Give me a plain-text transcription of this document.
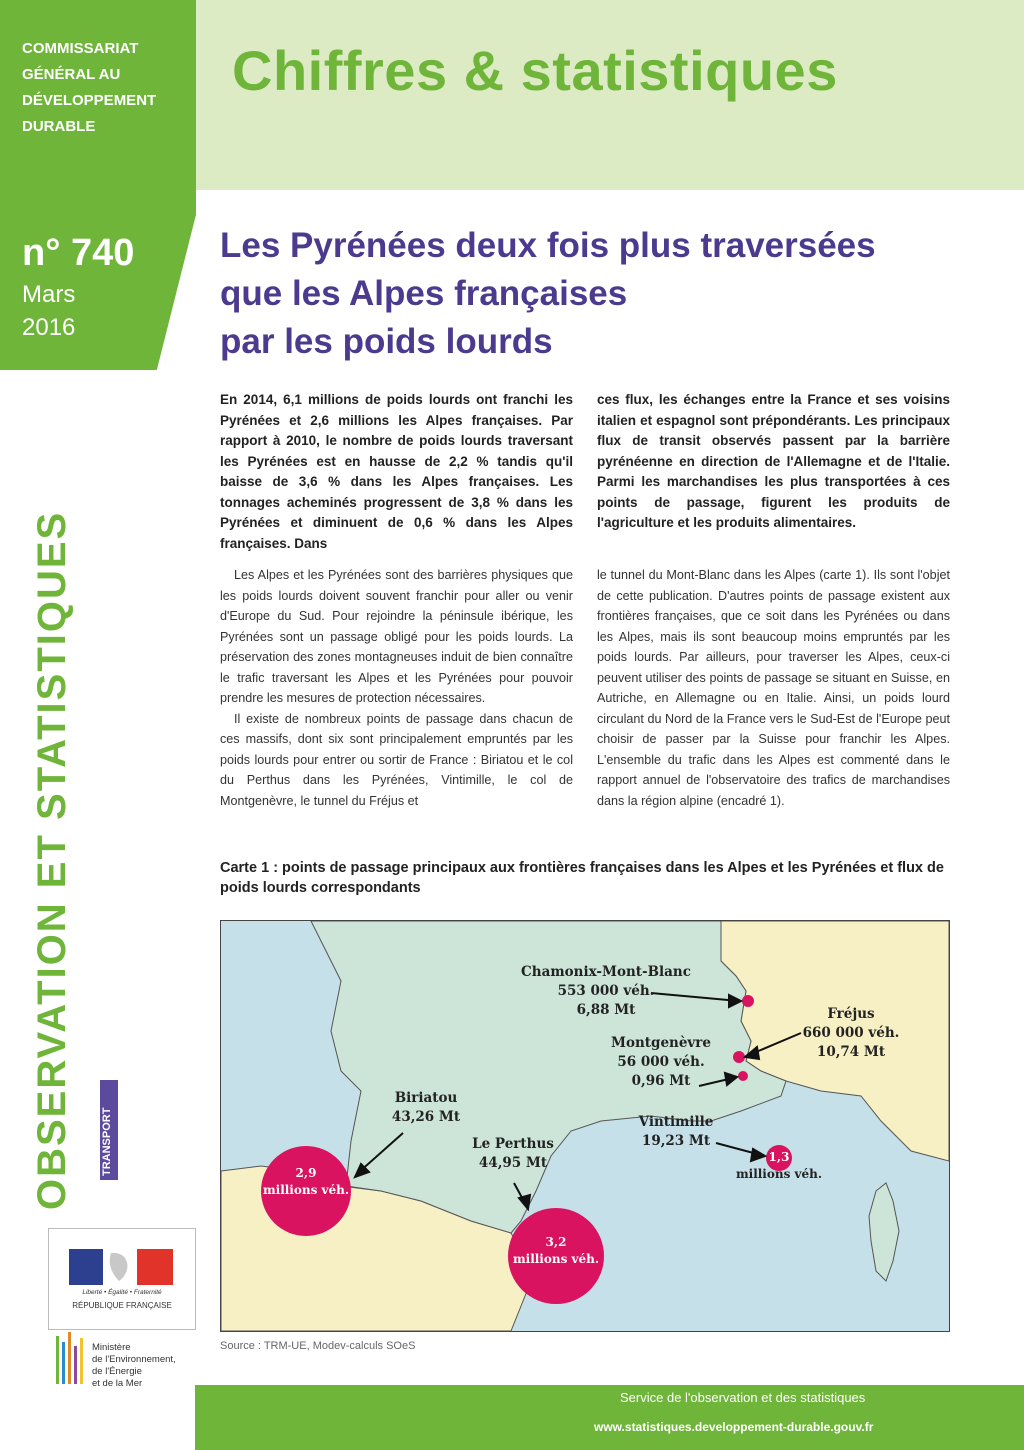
COMMISSARIAT
GÉNÉRAL AU
DÉVELOPPEMENT
DURABLE
Chiffres & statistiques
n° 740
Mars
2016
Les Pyrénées deux fois plus traversées
que les Alpes françaises
par les poids lourds
OBSERVATION ET STATISTIQUES TRANSPORT
En 2014, 6,1 millions de poids lourds ont franchi les Pyrénées et 2,6 millions les Alpes françaises. Par rapport à 2010, le nombre de poids lourds traversant les Pyrénées est en hausse de 2,2 % tandis qu'il baisse de 3,6 % dans les Alpes françaises. Les tonnages acheminés progressent de 3,8 % dans les Pyrénées et diminuent de 0,6 % dans les Alpes françaises. Dans
ces flux, les échanges entre la France et ses voisins italien et espagnol sont prépondérants. Les principaux flux de transit observés passent par la barrière pyrénéenne en direction de l'Allemagne et de l'Italie. Parmi les marchandises les plus transportées à ces points de passage, figurent les produits de l'agriculture et les produits alimentaires.

Les Alpes et les Pyrénées sont des barrières physiques que les poids lourds doivent souvent franchir pour aller ou venir d'Europe du Sud. Pour rejoindre la péninsule ibérique, les Pyrénées sont un passage obligé pour les poids lourds. La préservation des zones montagneuses induit de bien connaître le trafic traversant les Alpes et les Pyrénées pour pouvoir prendre les mesures de protection nécessaires.

Il existe de nombreux points de passage dans chacun de ces massifs, dont six sont principalement empruntés par les poids lourds pour entrer ou sortir de France : Biriatou et le col du Perthus dans les Pyrénées, Vintimille, le col de Montgenèvre, le tunnel du Fréjus et

le tunnel du Mont-Blanc dans les Alpes (carte 1). Ils sont l'objet de cette publication. D'autres points de passage existent aux frontières françaises, que ce soit dans les Pyrénées ou dans les Alpes, mais ils sont beaucoup moins empruntés par les poids lourds. Par ailleurs, pour traverser les Alpes, ceux-ci peuvent utiliser des points de passage se situant en Suisse, en Autriche, en Allemagne ou en Italie. Ainsi, un poids lourd circulant du Nord de la France vers le Sud-Est de l'Europe peut choisir de passer par la Suisse pour franchir les Alpes. L'ensemble du trafic dans les Alpes est commenté dans le rapport annuel de l'observatoire des trafics de marchandises dans la région alpine (encadré 1).

Carte 1 : points de passage principaux aux frontières françaises dans les Alpes et les Pyrénées et flux de poids lourds correspondants
Chamonix-Mont-Blanc
553 000 véh.
6,88 Mt	Fréjus
660 000 véh.
10,74 Mt
Montgenèvre
56 000 véh.
0,96 Mt
Vintimille
19,23 Mt
Biriatou
43,26 Mt
Le Perthus
44,95 Mt
2,9
millions véh.
3,2
millions véh.
1,3
millions véh.
Source : TRM-UE, Modev-calculs SOeS
Liberté • Égalité • Fraternité
RÉPUBLIQUE FRANÇAISE
Ministère
de l'Environnement,
de l'Énergie
et de la Mer
Service de l'observation et des statistiques
www.statistiques.developpement-durable.gouv.fr
